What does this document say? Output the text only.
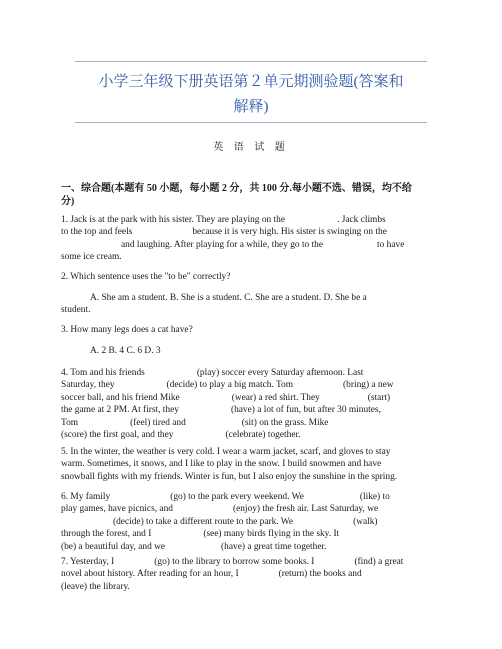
小学三年级下册英语第２单元期测验题(答案和
解释)
英 语 试 题
一、综合题(本题有 50 小题，每小题 2 分，共 100 分.每小题不选、错误，均不给
分)
1. Jack is at the park with his sister. They are playing on the	. Jack climbs
to the top and feels	because it is very high. His sister is swinging on the
and laughing. After playing for a while, they go to the	to have
some ice cream.
2. Which sentence uses the "to be" correctly?
A. She am a student. B. She is a student. C. She are a student. D. She be a
student.
3. How many legs does a cat have?
A. 2 B. 4 C. 6 D. 3
4. Tom and his friends	(play) soccer every Saturday afternoon. Last
Saturday, they	(decide) to play a big match. Tom	(bring) a new
soccer ball, and his friend Mike	(wear) a red shirt. They	(start)
the game at 2 PM. At first, they	(have) a lot of fun, but after 30 minutes,
Tom	(feel) tired and	(sit) on the grass. Mike
(score) the first goal, and they	(celebrate) together.
5. In the winter, the weather is very cold. I wear a warm jacket, scarf, and gloves to stay
warm. Sometimes, it snows, and I like to play in the snow. I build snowmen and have
snowball fights with my friends. Winter is fun, but I also enjoy the sunshine in the spring.
6. My family	(go) to the park every weekend. We	(like) to
play games, have picnics, and	(enjoy) the fresh air. Last Saturday, we
(decide) to take a different route to the park. We	(walk)
through the forest, and I	(see) many birds flying in the sky. It
(be) a beautiful day, and we	(have) a great time together.
7. Yesterday, I	(go) to the library to borrow some books. I	(find) a great
novel about history. After reading for an hour, I	(return) the books and
(leave) the library.
